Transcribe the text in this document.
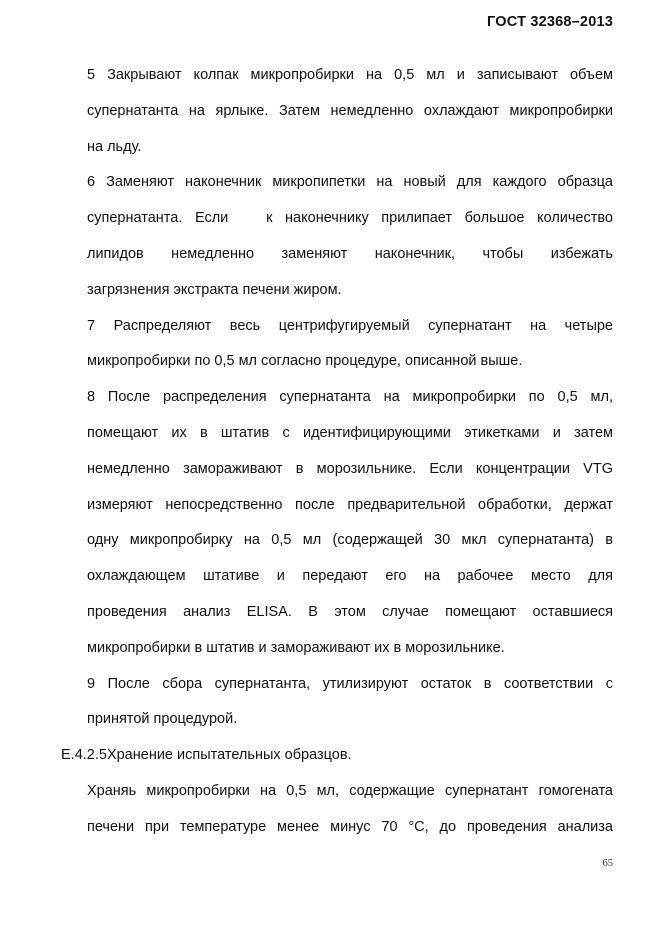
ГОСТ 32368–2013
5 Закрывают колпак микропробирки на 0,5 мл и записывают объем
супернатанта на ярлыке. Затем немедленно охлаждают микропробирки
на льду.
6 Заменяют наконечник микропипетки на новый для каждого образца
супернатанта. Если   к наконечнику прилипает большое количество
липидов немедленно заменяют наконечник, чтобы избежать
загрязнения экстракта печени жиром.
7 Распределяют весь центрифугируемый супернатант на четыре
микропробирки по 0,5 мл согласно процедуре, описанной выше.
8 После распределения супернатанта на микропробирки по 0,5 мл,
помещают их в штатив с идентифицирующими этикетками и затем
немедленно замораживают в морозильнике. Если концентрации VTG
измеряют непосредственно после предварительной обработки, держат
одну микропробирку на 0,5 мл (содержащей 30 мкл супернатанта) в
охлаждающем штативе и передают его на рабочее место для
проведения анализ ELISA. В этом случае помещают оставшиеся
микропробирки в штатив и замораживают их в морозильнике.
9 После сбора супернатанта, утилизируют остаток в соответствии с
принятой процедурой.
Е.4.2.5Хранение испытательных образцов.
Храняь микропробирки на 0,5 мл, содержащие супернатант гомогената
печени при температуре менее минус 70 °С, до проведения анализа
65
